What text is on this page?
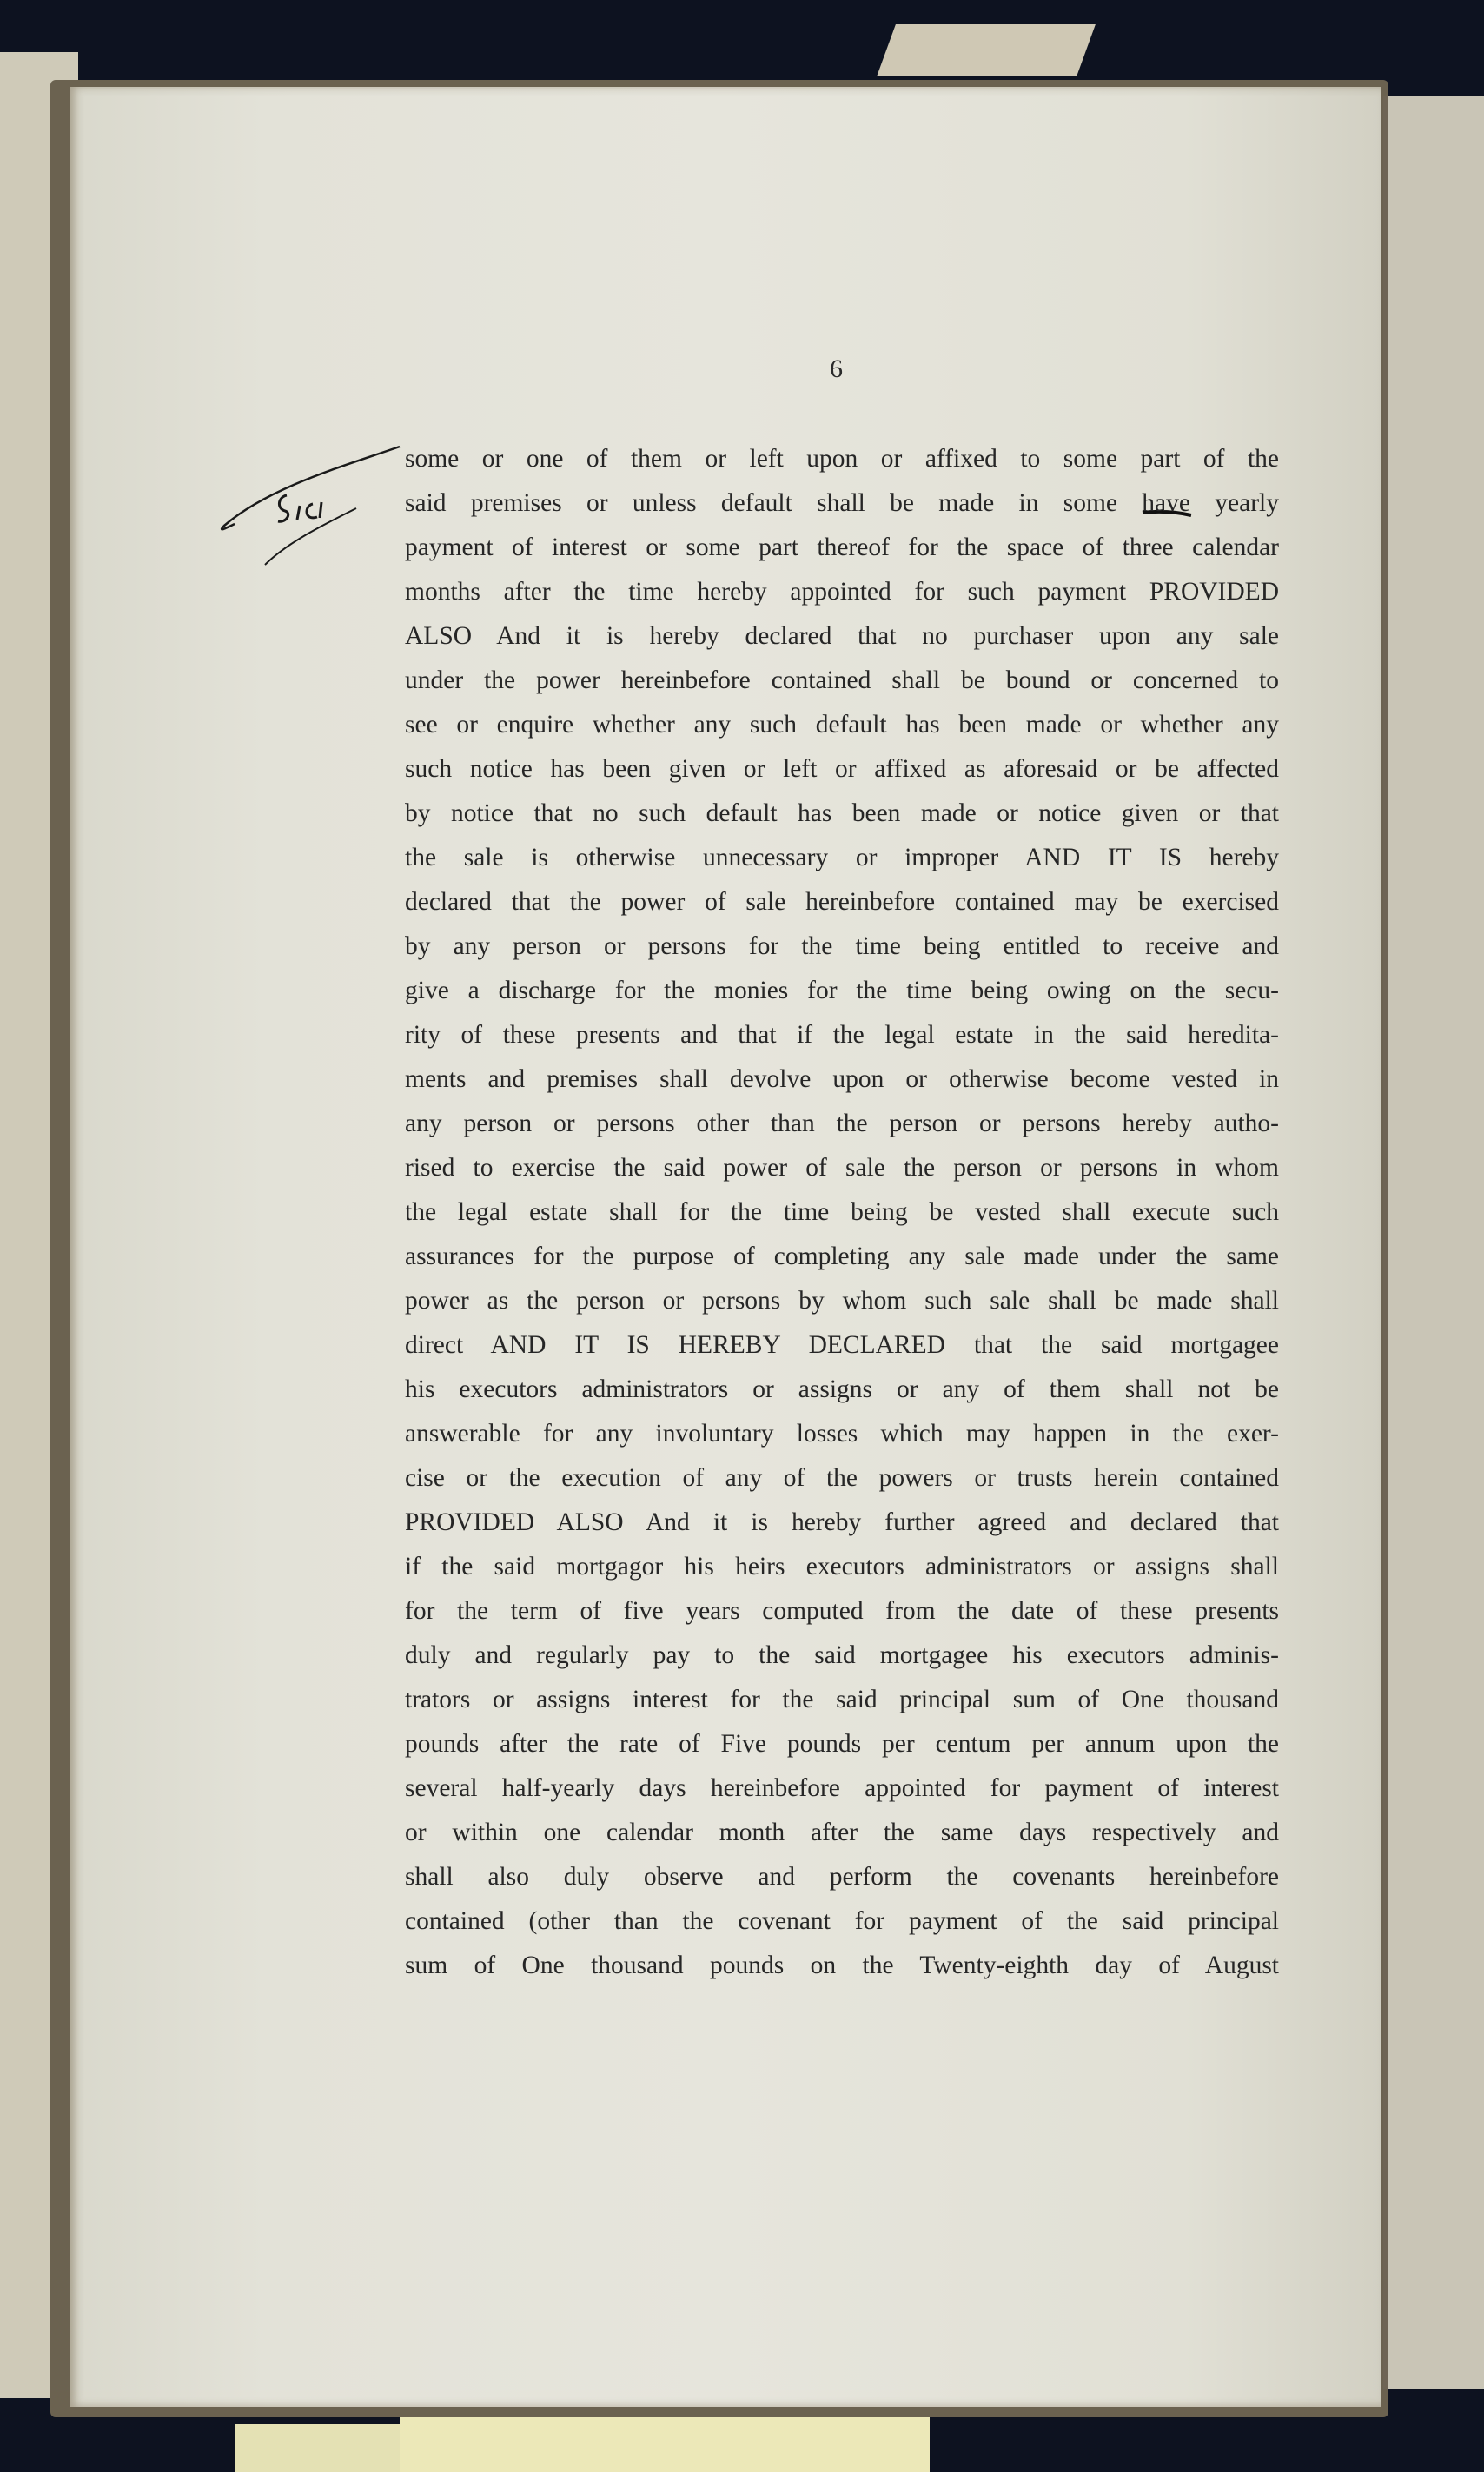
6
some or one of them or left upon or affixed to some part of the
said premises or unless default shall be made in some have yearly
payment of interest or some part thereof for the space of three calendar
months after the time hereby appointed for such payment PROVIDED
ALSO And it is hereby declared that no purchaser upon any sale
under the power hereinbefore contained shall be bound or concerned to
see or enquire whether any such default has been made or whether any
such notice has been given or left or affixed as aforesaid or be affected
by notice that no such default has been made or notice given or that
the sale is otherwise unnecessary or improper AND IT IS hereby
declared that the power of sale hereinbefore contained may be exercised
by any person or persons for the time being entitled to receive and
give a discharge for the monies for the time being owing on the secu-
rity of these presents and that if the legal estate in the said heredita-
ments and premises shall devolve upon or otherwise become vested in
any person or persons other than the person or persons hereby autho-
rised to exercise the said power of sale the person or persons in whom
the legal estate shall for the time being be vested shall execute such
assurances for the purpose of completing any sale made under the same
power as the person or persons by whom such sale shall be made shall
direct AND IT IS HEREBY DECLARED that the said mortgagee
his executors administrators or assigns or any of them shall not be
answerable for any involuntary losses which may happen in the exer-
cise or the execution of any of the powers or trusts herein contained
PROVIDED ALSO And it is hereby further agreed and declared that
if the said mortgagor his heirs executors administrators or assigns shall
for the term of five years computed from the date of these presents
duly and regularly pay to the said mortgagee his executors adminis-
trators or assigns interest for the said principal sum of One thousand
pounds after the rate of Five pounds per centum per annum upon the
several half-yearly days hereinbefore appointed for payment of interest
or within one calendar month after the same days respectively and
shall also duly observe and perform the covenants hereinbefore
contained (other than the covenant for payment of the said principal
sum of One thousand pounds on the Twenty-eighth day of August
